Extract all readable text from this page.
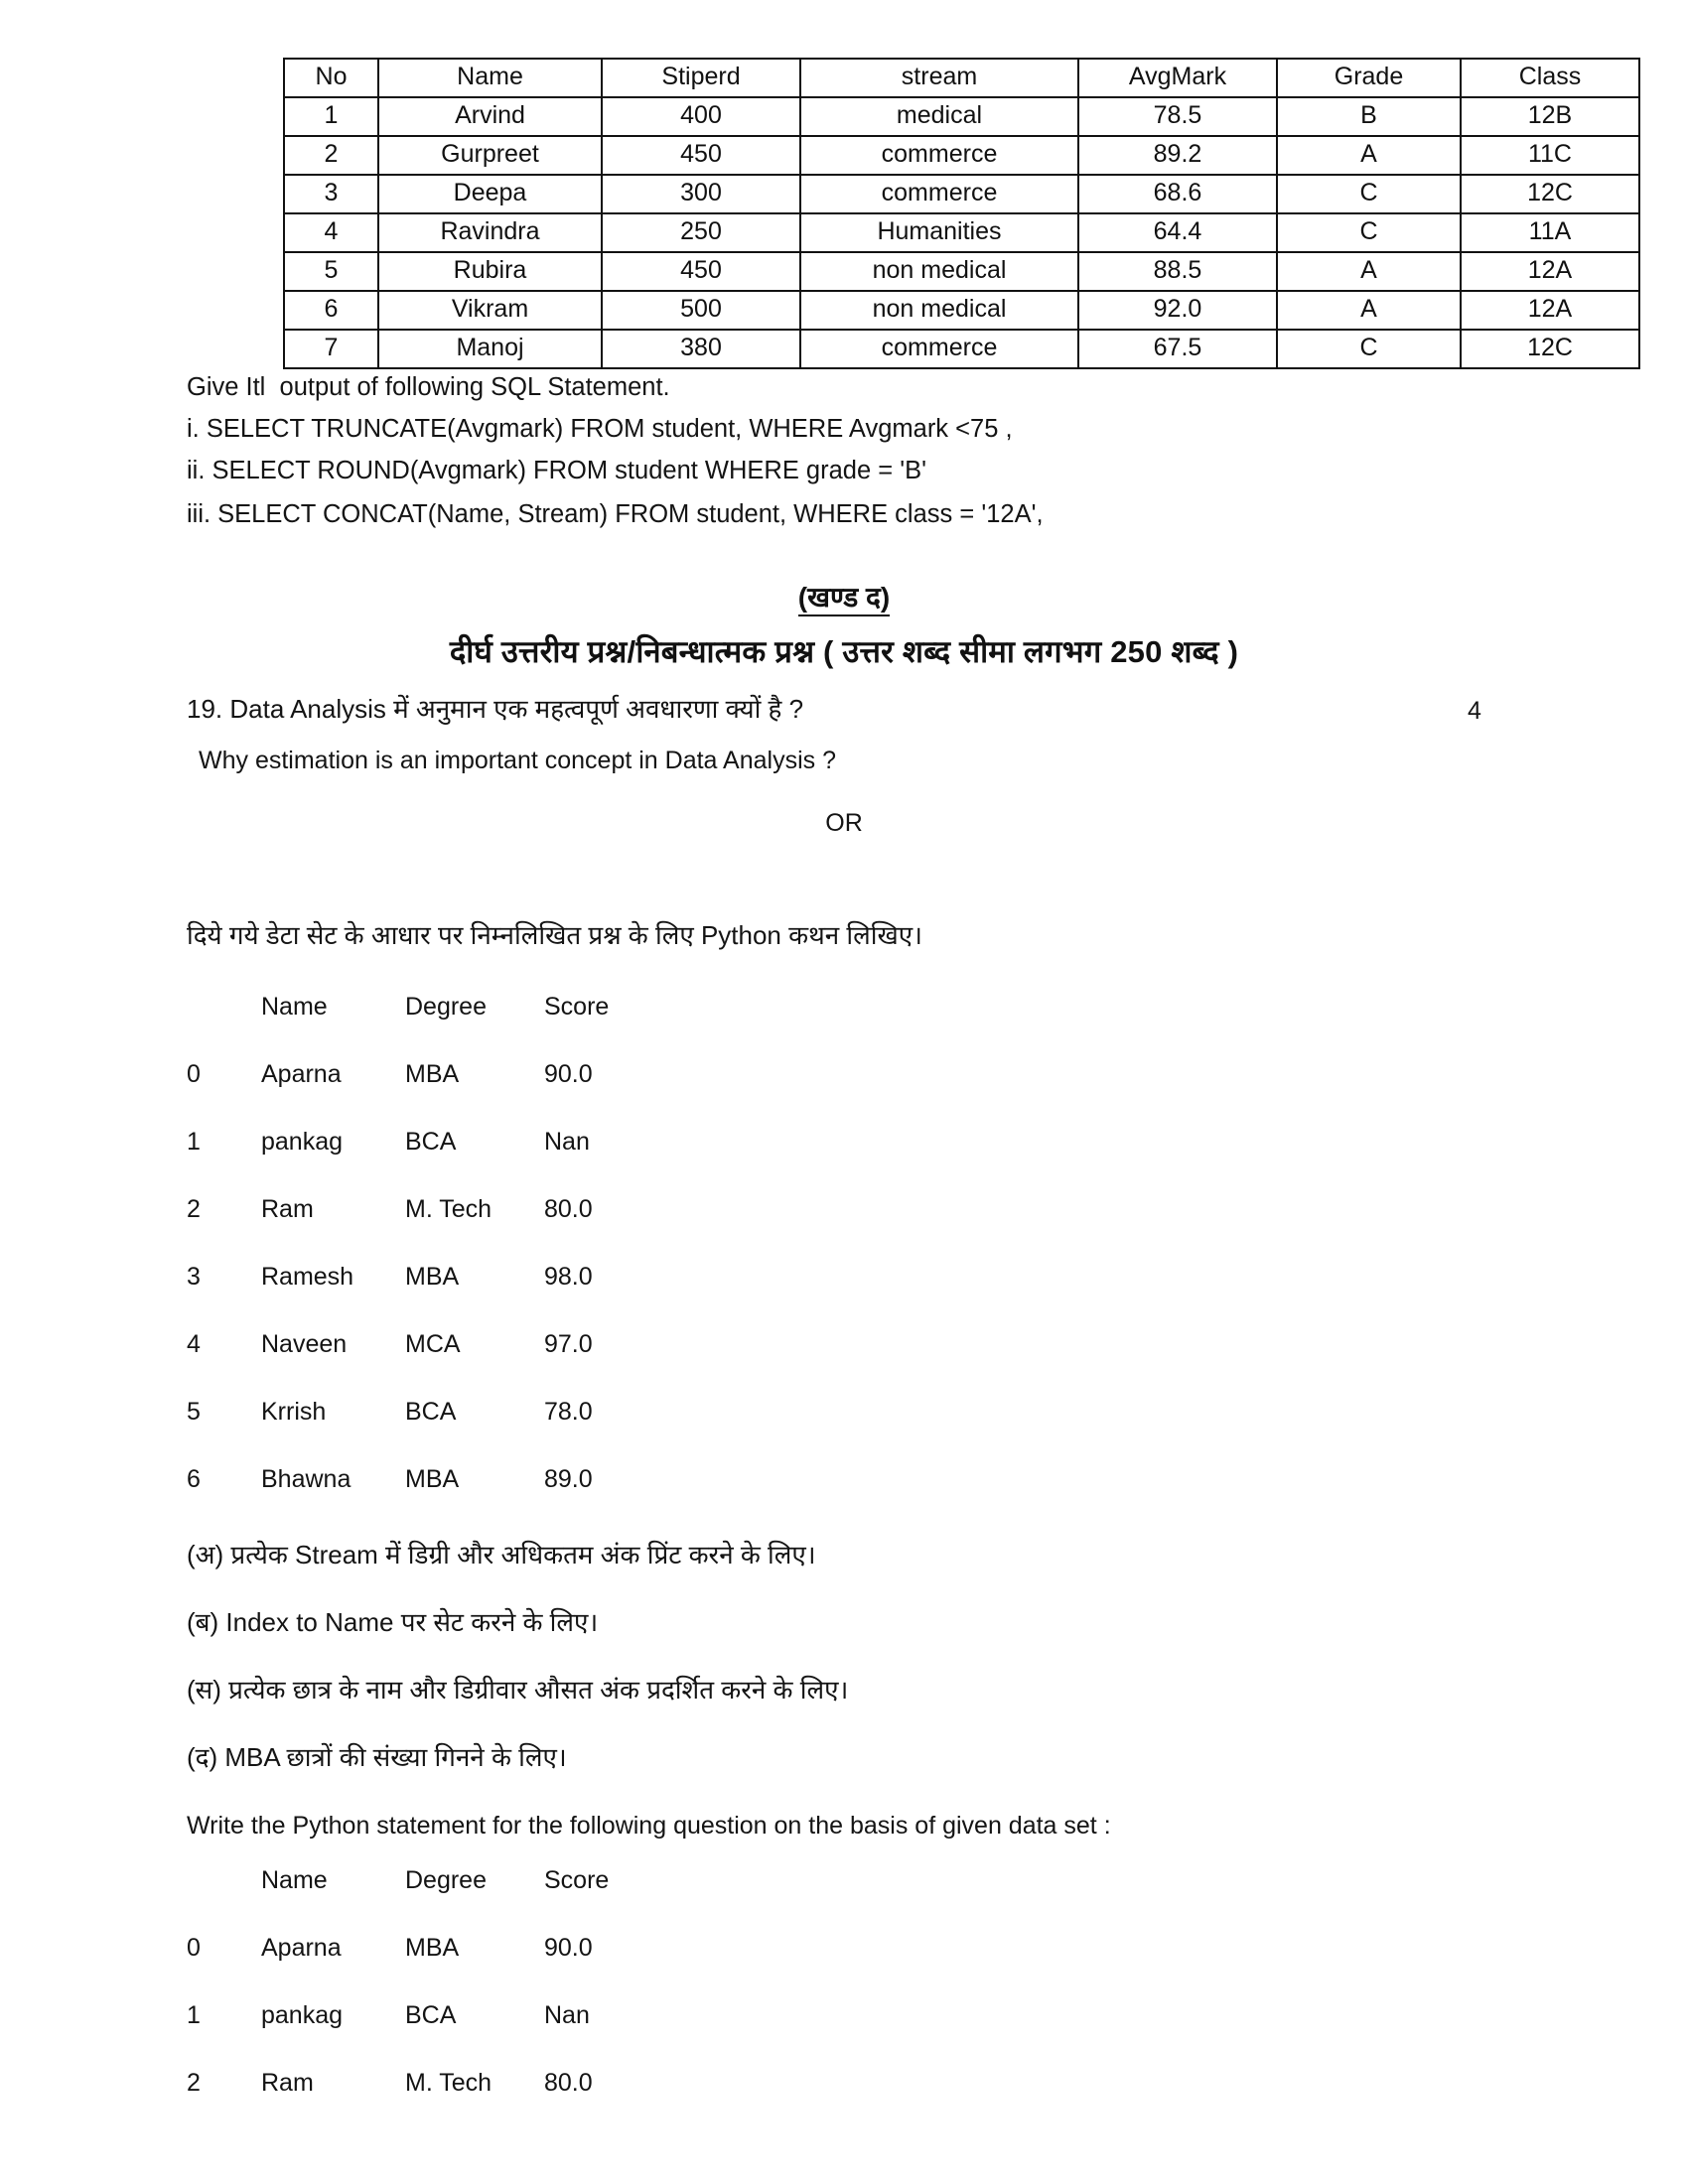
No	Name	Stiperd	stream	AvgMark	Grade	Class
1	Arvind	400	medical	78.5	B	12B
2	Gurpreet	450	commerce	89.2	A	11C
3	Deepa	300	commerce	68.6	C	12C
4	Ravindra	250	Humanities	64.4	C	11A
5	Rubira	450	non medical	88.5	A	12A
6	Vikram	500	non medical	92.0	A	12A
7	Manoj	380	commerce	67.5	C	12C
Give Itl  output of following SQL Statement.
i. SELECT TRUNCATE(Avgmark) FROM student, WHERE Avgmark <75 ,
ii. SELECT ROUND(Avgmark) FROM student WHERE grade = 'B'
iii. SELECT CONCAT(Name, Stream) FROM student, WHERE class = '12A',
(खण्ड द)
दीर्घ उत्तरीय प्रश्न/निबन्धात्मक प्रश्न ( उत्तर शब्द सीमा लगभग 250 शब्द )
19. Data Analysis में अनुमान एक महत्वपूर्ण अवधारणा क्यों है ?	4
Why estimation is an important concept in Data Analysis ?
OR
दिये गये डेटा सेट के आधार पर निम्नलिखित प्रश्न के लिए Python कथन लिखिए।
Name	Degree Score
0 Aparna	MBA	90.0
1 pankag	BCA	Nan
2 Ram	M. Tech 80.0
3 Ramesh MBA	98.0
4 Naveen MCA	97.0
5 Krrish	BCA	78.0
6 Bhawna MBA	89.0
(अ) प्रत्येक Stream में डिग्री और अधिकतम अंक प्रिंट करने के लिए।
(ब) Index to Name पर सेट करने के लिए।
(स) प्रत्येक छात्र के नाम और डिग्रीवार औसत अंक प्रदर्शित करने के लिए।
(द) MBA छात्रों की संख्या गिनने के लिए।
Write the Python statement for the following question on the basis of given data set :
Name	Degree Score
0 Aparna	MBA	90.0
1 pankag	BCA	Nan
2 Ram	M. Tech 80.0
